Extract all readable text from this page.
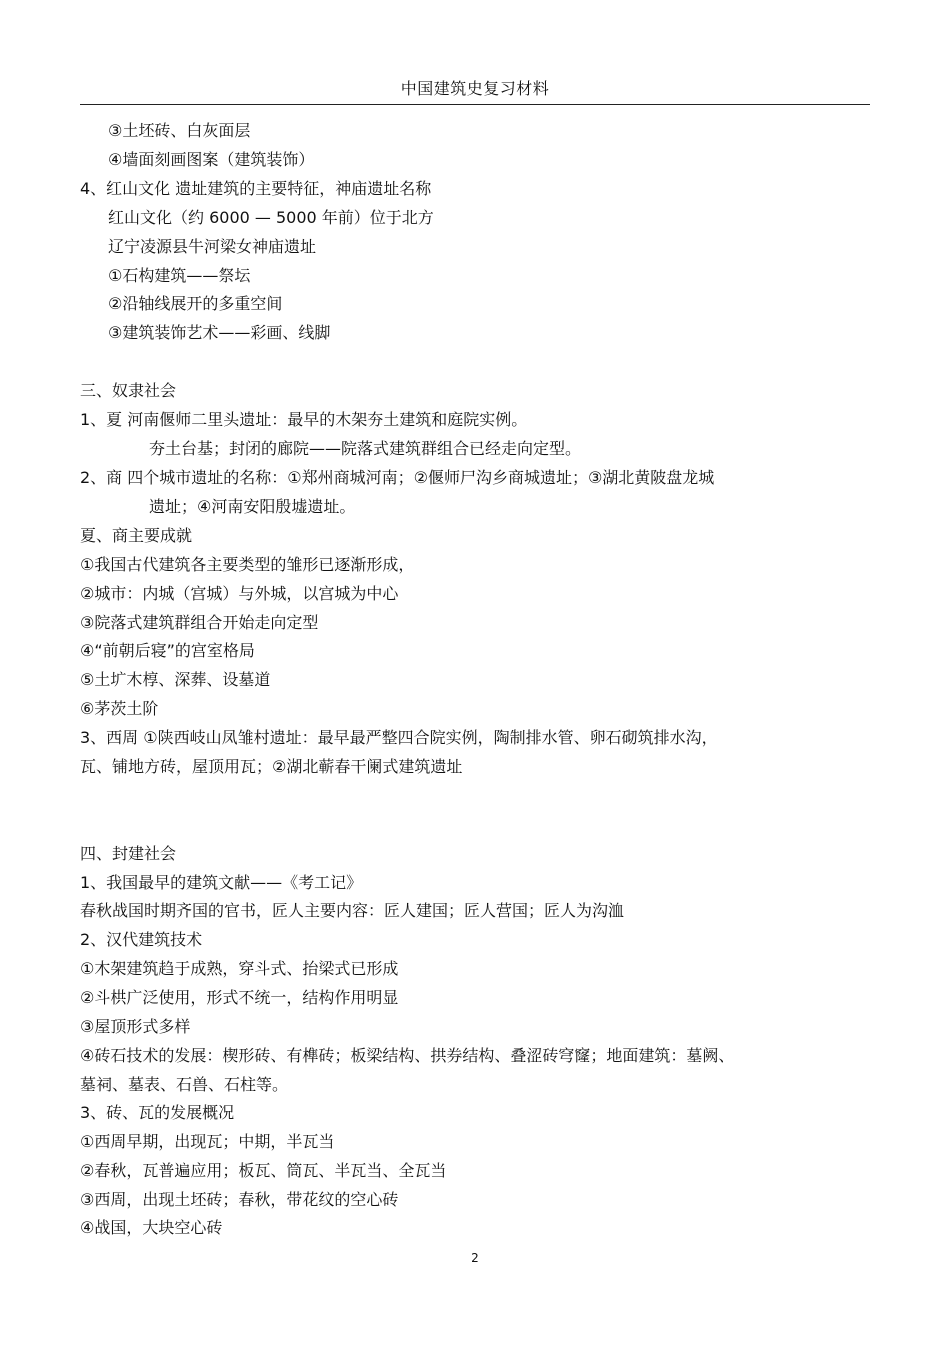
中国建筑史复习材料
③土坯砖、白灰面层
④墙面刻画图案（建筑装饰）
4、红山文化 遗址建筑的主要特征，神庙遗址名称
红山文化（约 6000 — 5000 年前）位于北方
辽宁凌源县牛河梁女神庙遗址
①石构建筑——祭坛
②沿轴线展开的多重空间
③建筑装饰艺术——彩画、线脚
三、奴隶社会
1、夏 河南偃师二里头遗址：最早的木架夯土建筑和庭院实例。
夯土台基；封闭的廊院——院落式建筑群组合已经走向定型。
2、商 四个城市遗址的名称：①郑州商城河南；②偃师尸沟乡商城遗址；③湖北黄陂盘龙城
遗址；④河南安阳殷墟遗址。
夏、商主要成就
①我国古代建筑各主要类型的雏形已逐渐形成，
②城市：内城（宫城）与外城，以宫城为中心
③院落式建筑群组合开始走向定型
④“前朝后寝”的宫室格局
⑤土圹木椁、深葬、设墓道
⑥茅茨土阶
3、西周 ①陕西岐山凤雏村遗址：最早最严整四合院实例，陶制排水管、卵石砌筑排水沟，
瓦、铺地方砖，屋顶用瓦；②湖北蕲春干阑式建筑遗址
四、封建社会
1、我国最早的建筑文献——《考工记》
春秋战国时期齐国的官书，匠人主要内容：匠人建国；匠人营国；匠人为沟洫
2、汉代建筑技术
①木架建筑趋于成熟，穿斗式、抬梁式已形成
②斗栱广泛使用，形式不统一，结构作用明显
③屋顶形式多样
④砖石技术的发展：楔形砖、有榫砖；板梁结构、拱券结构、叠涩砖穹窿；地面建筑：墓阙、
墓祠、墓表、石兽、石柱等。
3、砖、瓦的发展概况
①西周早期，出现瓦；中期，半瓦当
②春秋，瓦普遍应用；板瓦、筒瓦、半瓦当、全瓦当
③西周，出现土坯砖；春秋，带花纹的空心砖
④战国，大块空心砖
2
